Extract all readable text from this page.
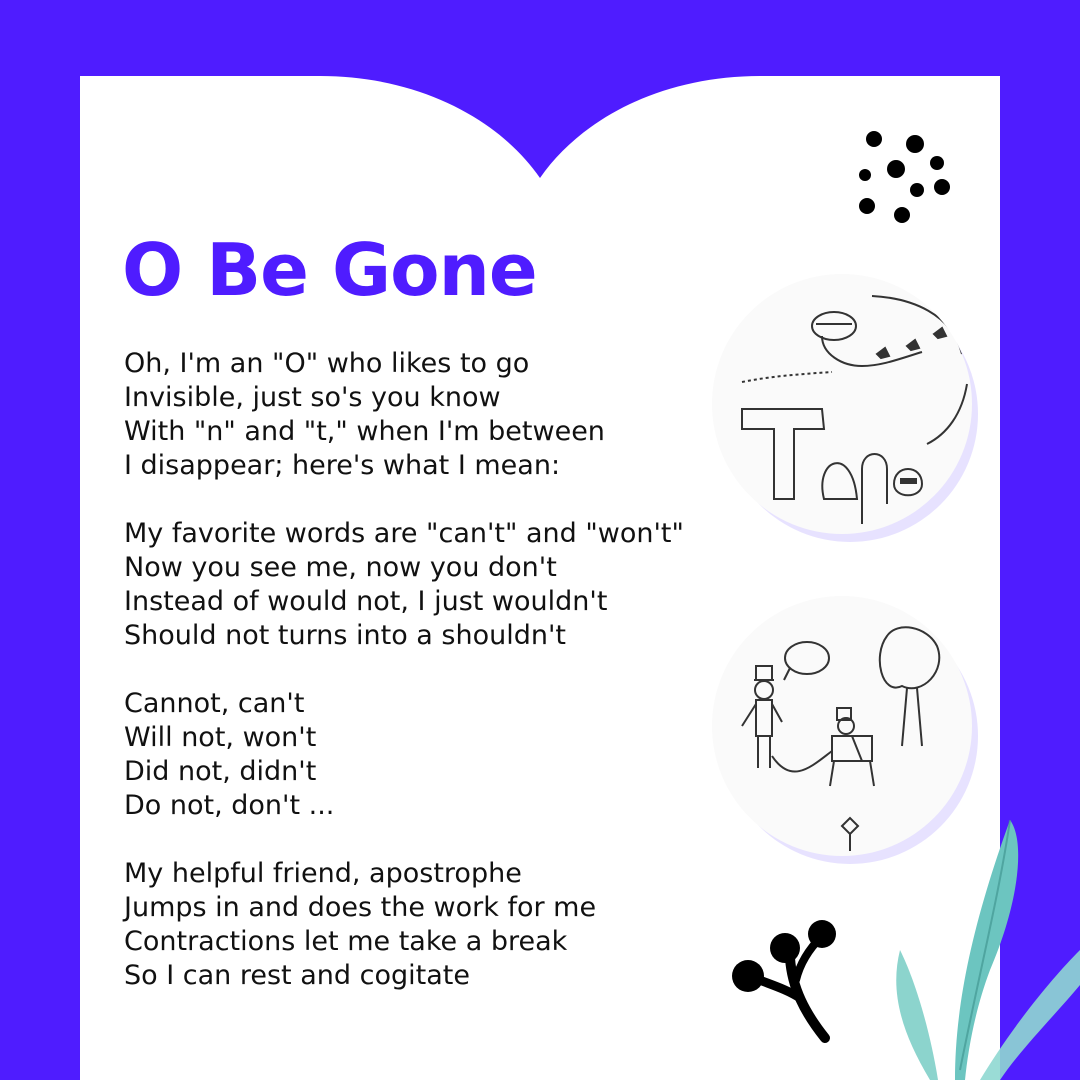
O Be Gone
Oh, I'm an "O" who likes to go
Invisible, just so's you know
With "n" and "t," when I'm between
I disappear; here's what I mean:
My favorite words are "can't" and "won't"
Now you see me, now you don't
Instead of would not, I just wouldn't
Should not turns into a shouldn't
Cannot, can't
Will not, won't
Did not, didn't
Do not, don't ...
My helpful friend, apostrophe
Jumps in and does the work for me
Contractions let me take a break
So I can rest and cogitate
